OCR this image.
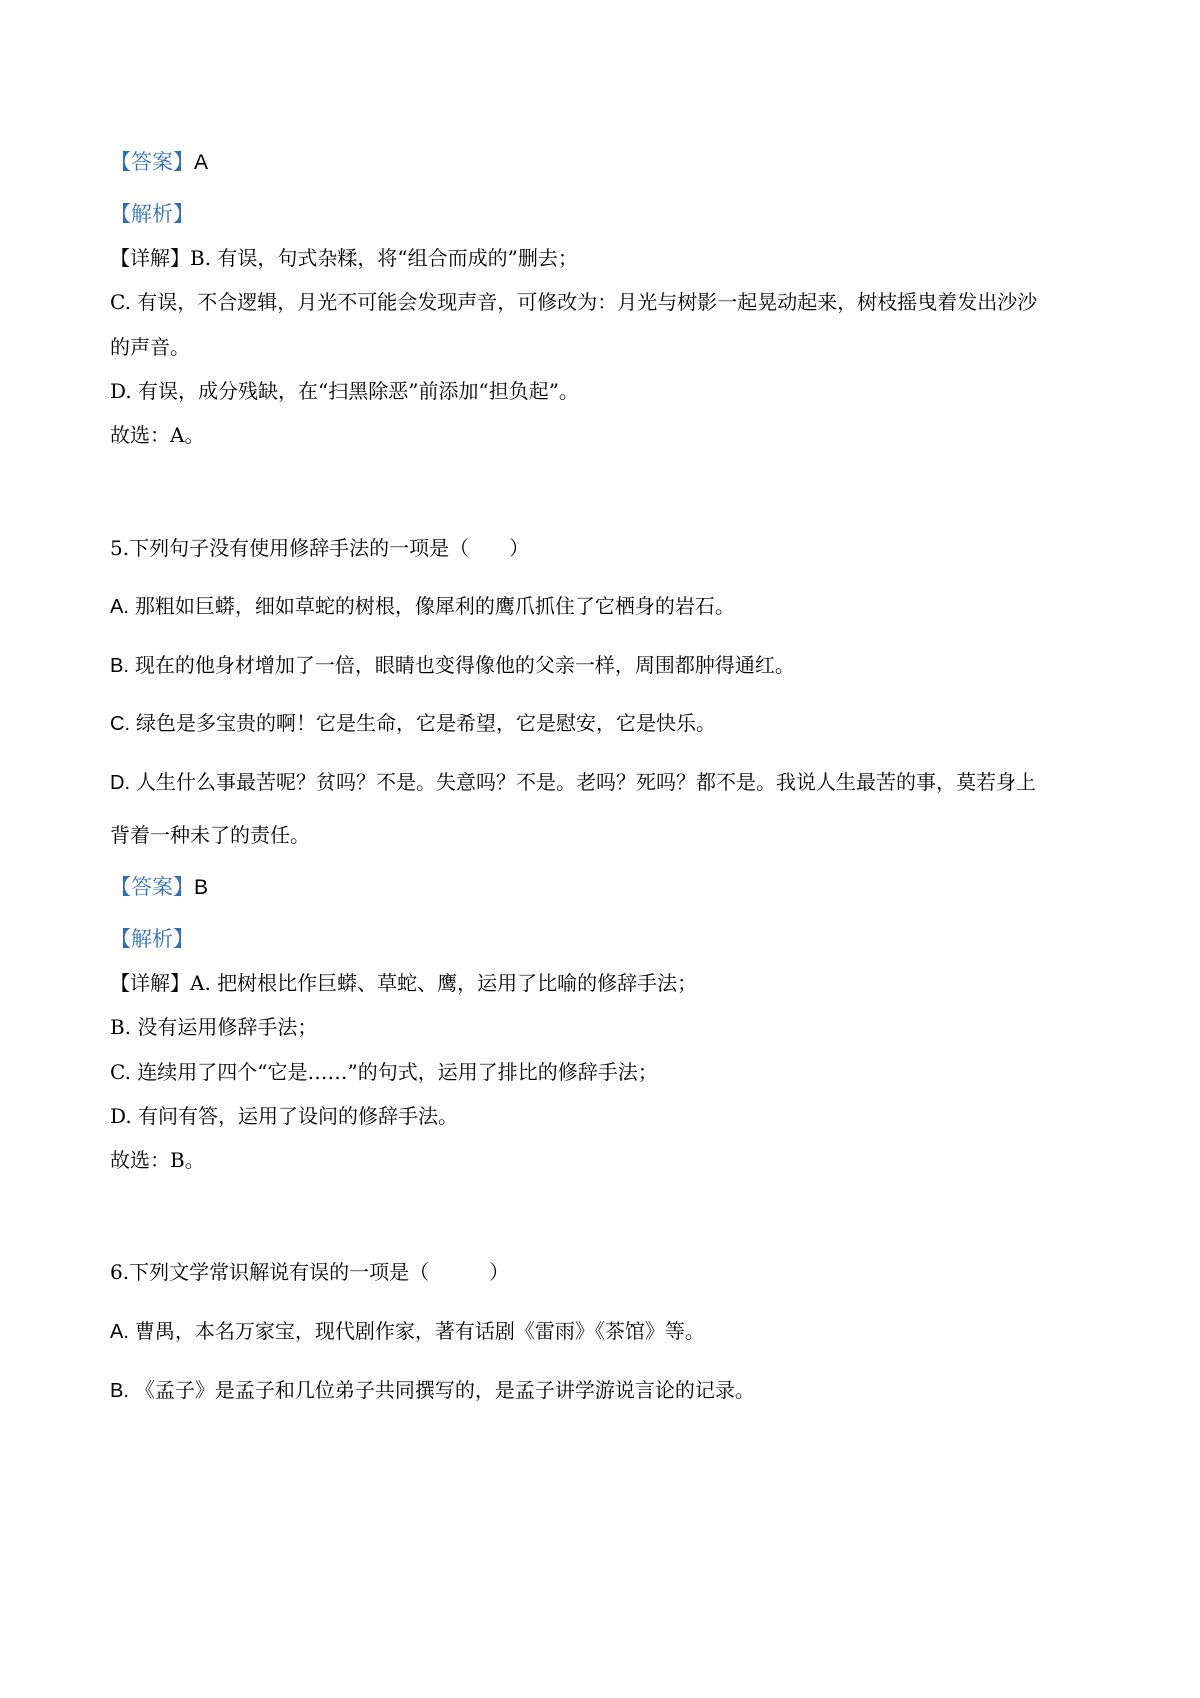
【答案】A
【解析】
【详解】B. 有误，句式杂糅，将“组合而成的”删去；
C. 有误，不合逻辑，月光不可能会发现声音，可修改为：月光与树影一起晃动起来，树枝摇曳着发出沙沙
的声音。
D. 有误，成分残缺，在“扫黑除恶”前添加“担负起”。
故选：A。
5.下列句子没有使用修辞手法的一项是（　　）
A. 那粗如巨蟒，细如草蛇的树根，像犀利的鹰爪抓住了它栖身的岩石。
B. 现在的他身材增加了一倍，眼睛也变得像他的父亲一样，周围都肿得通红。
C. 绿色是多宝贵的啊！它是生命，它是希望，它是慰安，它是快乐。
D. 人生什么事最苦呢？贫吗？不是。失意吗？不是。老吗？死吗？都不是。我说人生最苦的事，莫若身上
背着一种未了的责任。
【答案】B
【解析】
【详解】A. 把树根比作巨蟒、草蛇、鹰，运用了比喻的修辞手法；
B. 没有运用修辞手法；
C. 连续用了四个“它是……”的句式，运用了排比的修辞手法；
D. 有问有答，运用了设问的修辞手法。
故选：B。
6.下列文学常识解说有误的一项是（　　　）
A. 曹禺，本名万家宝，现代剧作家，著有话剧《雷雨》《茶馆》等。
B. 《孟子》是孟子和几位弟子共同撰写的，是孟子讲学游说言论的记录。
